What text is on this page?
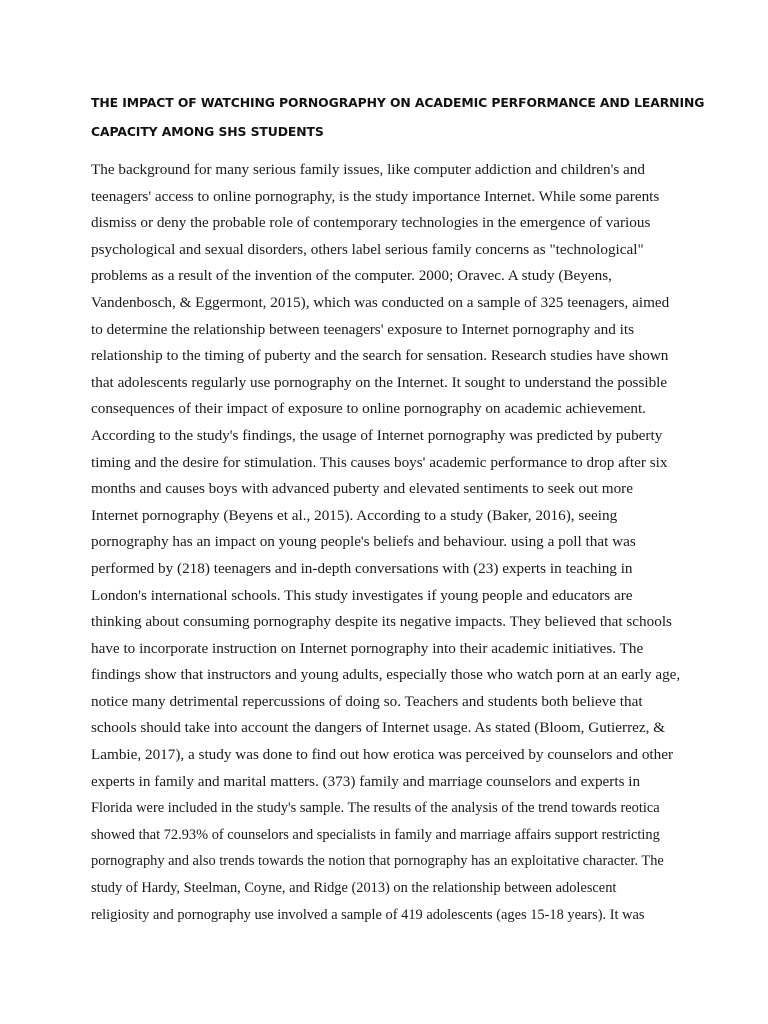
THE IMPACT OF WATCHING PORNOGRAPHY ON ACADEMIC PERFORMANCE AND LEARNING
CAPACITY AMONG SHS STUDENTS
The background for many serious family issues, like computer addiction and children's and
teenagers' access to online pornography, is the study importance Internet. While some parents
dismiss or deny the probable role of contemporary technologies in the emergence of various
psychological and sexual disorders, others label serious family concerns as "technological"
problems as a result of the invention of the computer. 2000; Oravec. A study (Beyens,
Vandenbosch, & Eggermont, 2015), which was conducted on a sample of 325 teenagers, aimed
to determine the relationship between teenagers' exposure to Internet pornography and its
relationship to the timing of puberty and the search for sensation. Research studies have shown
that adolescents regularly use pornography on the Internet. It sought to understand the possible
consequences of their impact of exposure to online pornography on academic achievement.
According to the study's findings, the usage of Internet pornography was predicted by puberty
timing and the desire for stimulation. This causes boys' academic performance to drop after six
months and causes boys with advanced puberty and elevated sentiments to seek out more
Internet pornography (Beyens et al., 2015). According to a study (Baker, 2016), seeing
pornography has an impact on young people's beliefs and behaviour. using a poll that was
performed by (218) teenagers and in-depth conversations with (23) experts in teaching in
London's international schools. This study investigates if young people and educators are
thinking about consuming pornography despite its negative impacts. They believed that schools
have to incorporate instruction on Internet pornography into their academic initiatives. The
findings show that instructors and young adults, especially those who watch porn at an early age,
notice many detrimental repercussions of doing so. Teachers and students both believe that
schools should take into account the dangers of Internet usage. As stated (Bloom, Gutierrez, &
Lambie, 2017), a study was done to find out how erotica was perceived by counselors and other
experts in family and marital matters. (373) family and marriage counselors and experts in
Florida were included in the study's sample. The results of the analysis of the trend towards reotica
showed that 72.93% of counselors and specialists in family and marriage affairs support restricting
pornography and also trends towards the notion that pornography has an exploitative character. The
study of Hardy, Steelman, Coyne, and Ridge (2013) on the relationship between adolescent
religiosity and pornography use involved a sample of 419 adolescents (ages 15-18 years). It was
